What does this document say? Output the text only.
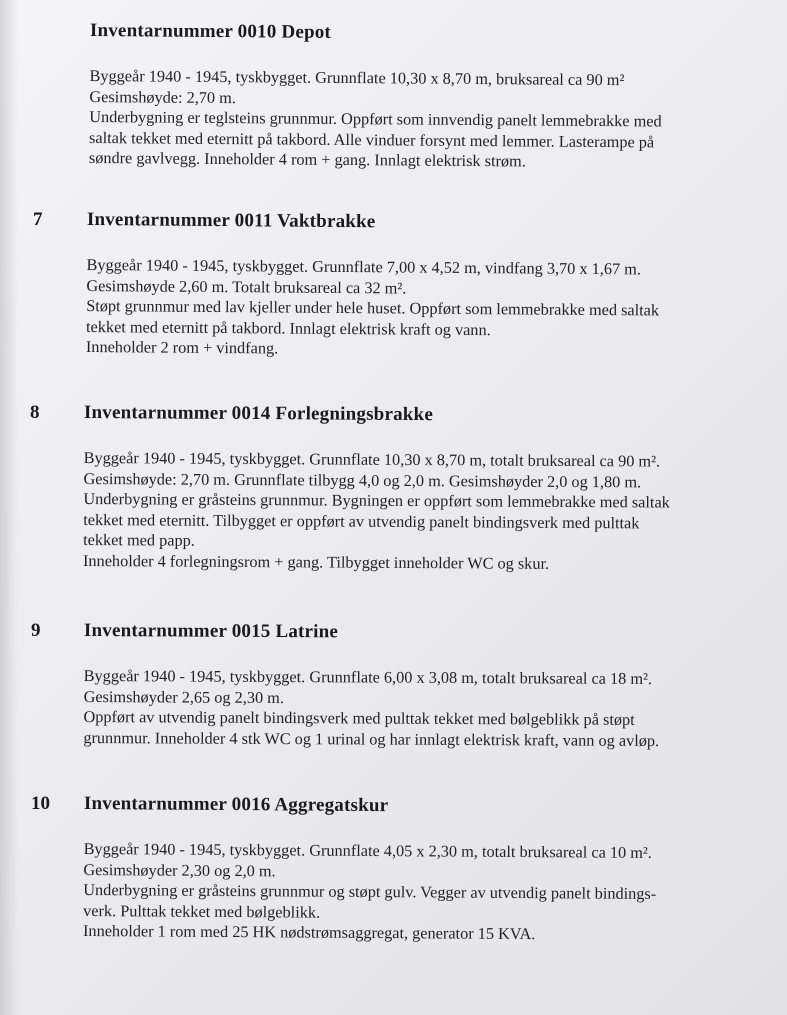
Inventarnummer 0010 Depot
Byggeår 1940 - 1945, tyskbygget. Grunnflate 10,30 x 8,70 m, bruksareal ca 90 m²
Gesimshøyde: 2,70 m.
Underbygning er teglsteins grunnmur. Oppført som innvendig panelt lemmebrakke med
saltak tekket med eternitt på takbord. Alle vinduer forsynt med lemmer. Lasterampe på
søndre gavlvegg. Inneholder 4 rom + gang. Innlagt elektrisk strøm.
7 Inventarnummer 0011 Vaktbrakke
Byggeår 1940 - 1945, tyskbygget. Grunnflate 7,00 x 4,52 m, vindfang 3,70 x 1,67 m.
Gesimshøyde 2,60 m. Totalt bruksareal ca 32 m².
Støpt grunnmur med lav kjeller under hele huset. Oppført som lemmebrakke med saltak
tekket med eternitt på takbord. Innlagt elektrisk kraft og vann.
Inneholder 2 rom + vindfang.
8 Inventarnummer 0014 Forlegningsbrakke
Byggeår 1940 - 1945, tyskbygget. Grunnflate 10,30 x 8,70 m, totalt bruksareal ca 90 m².
Gesimshøyde: 2,70 m. Grunnflate tilbygg 4,0 og 2,0 m. Gesimshøyder 2,0 og 1,80 m.
Underbygning er gråsteins grunnmur. Bygningen er oppført som lemmebrakke med saltak
tekket med eternitt. Tilbygget er oppført av utvendig panelt bindingsverk med pulttak
tekket med papp.
Inneholder 4 forlegningsrom + gang. Tilbygget inneholder WC og skur.
9 Inventarnummer 0015 Latrine
Byggeår 1940 - 1945, tyskbygget. Grunnflate 6,00 x 3,08 m, totalt bruksareal ca 18 m².
Gesimshøyder 2,65 og 2,30 m.
Oppført av utvendig panelt bindingsverk med pulttak tekket med bølgeblikk på støpt
grunnmur. Inneholder 4 stk WC og 1 urinal og har innlagt elektrisk kraft, vann og avløp.
10 Inventarnummer 0016 Aggregatskur
Byggeår 1940 - 1945, tyskbygget. Grunnflate 4,05 x 2,30 m, totalt bruksareal ca 10 m².
Gesimshøyder 2,30 og 2,0 m.
Underbygning er gråsteins grunnmur og støpt gulv. Vegger av utvendig panelt bindings-
verk. Pulttak tekket med bølgeblikk.
Inneholder 1 rom med 25 HK nødstrømsaggregat, generator 15 KVA.
